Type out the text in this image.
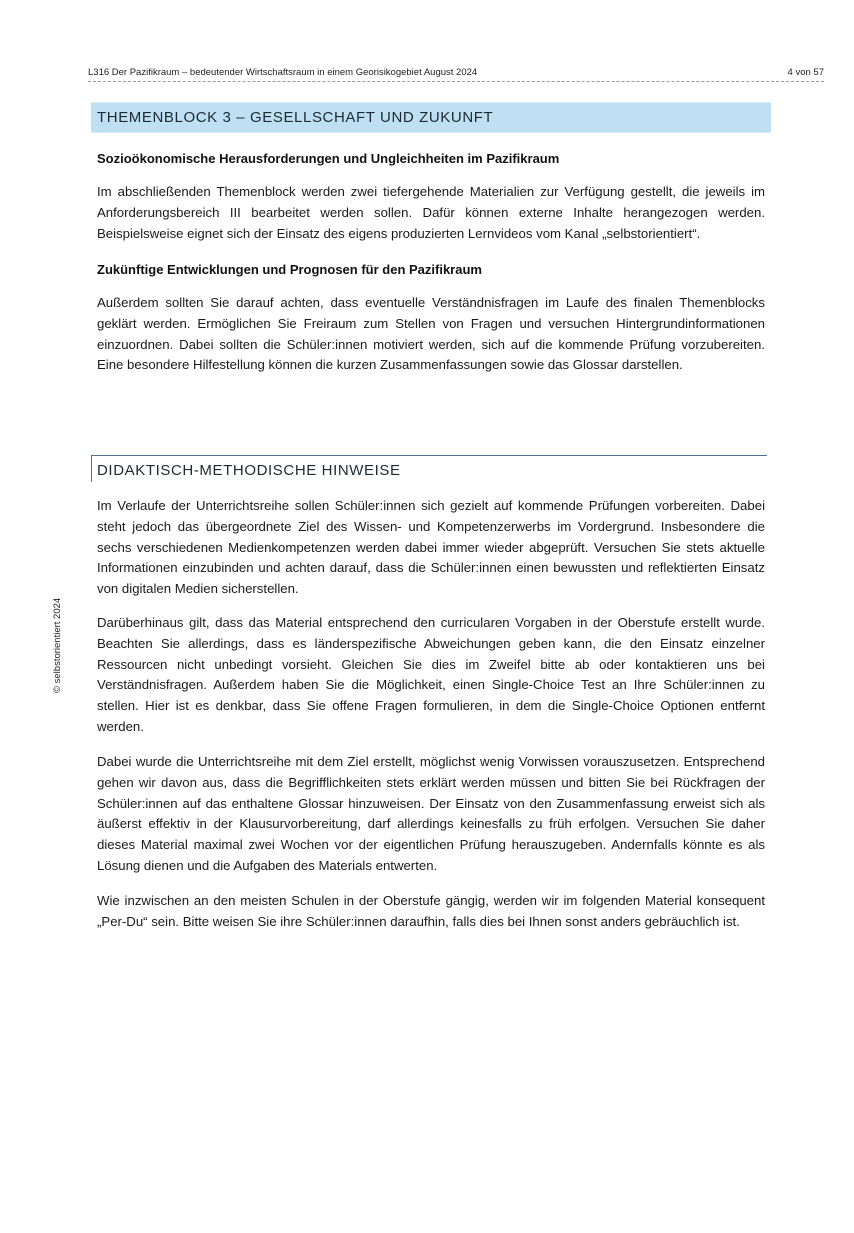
L316 Der Pazifikraum – bedeutender Wirtschaftsraum in einem Georisikogebiet August 2024	4 von 57
© selbstorientiert 2024
THEMENBLOCK 3 – GESELLSCHAFT UND ZUKUNFT
Sozioökonomische Herausforderungen und Ungleichheiten im Pazifikraum
Im abschließenden Themenblock werden zwei tiefergehende Materialien zur Verfügung gestellt, die jeweils im Anforderungsbereich III bearbeitet werden sollen. Dafür können externe Inhalte herangezogen werden. Beispielsweise eignet sich der Einsatz des eigens produzierten Lernvideos vom Kanal „selbstorientiert“.
Zukünftige Entwicklungen und Prognosen für den Pazifikraum
Außerdem sollten Sie darauf achten, dass eventuelle Verständnisfragen im Laufe des finalen Themenblocks geklärt werden. Ermöglichen Sie Freiraum zum Stellen von Fragen und versuchen Hintergrundinformationen einzuordnen. Dabei sollten die Schüler:innen motiviert werden, sich auf die kommende Prüfung vorzubereiten. Eine besondere Hilfestellung können die kurzen Zusammenfassungen sowie das Glossar darstellen.
DIDAKTISCH-METHODISCHE HINWEISE
Im Verlaufe der Unterrichtsreihe sollen Schüler:innen sich gezielt auf kommende Prüfungen vorbereiten. Dabei steht jedoch das übergeordnete Ziel des Wissen- und Kompetenzerwerbs im Vordergrund. Insbesondere die sechs verschiedenen Medienkompetenzen werden dabei immer wieder abgeprüft. Versuchen Sie stets aktuelle Informationen einzubinden und achten darauf, dass die Schüler:innen einen bewussten und reflektierten Einsatz von digitalen Medien sicherstellen.
Darüberhinaus gilt, dass das Material entsprechend den curricularen Vorgaben in der Oberstufe erstellt wurde. Beachten Sie allerdings, dass es länderspezifische Abweichungen geben kann, die den Einsatz einzelner Ressourcen nicht unbedingt vorsieht. Gleichen Sie dies im Zweifel bitte ab oder kontaktieren uns bei Verständnisfragen. Außerdem haben Sie die Möglichkeit, einen Single-Choice Test an Ihre Schüler:innen zu stellen. Hier ist es denkbar, dass Sie offene Fragen formulieren, in dem die Single-Choice Optionen entfernt werden.
Dabei wurde die Unterrichtsreihe mit dem Ziel erstellt, möglichst wenig Vorwissen vorauszusetzen. Entsprechend gehen wir davon aus, dass die Begrifflichkeiten stets erklärt werden müssen und bitten Sie bei Rückfragen der Schüler:innen auf das enthaltene Glossar hinzuweisen. Der Einsatz von den Zusammenfassung erweist sich als äußerst effektiv in der Klausurvorbereitung, darf allerdings keinesfalls zu früh erfolgen. Versuchen Sie daher dieses Material maximal zwei Wochen vor der eigentlichen Prüfung herauszugeben. Andernfalls könnte es als Lösung dienen und die Aufgaben des Materials entwerten.
Wie inzwischen an den meisten Schulen in der Oberstufe gängig, werden wir im folgenden Material konsequent „Per-Du“ sein. Bitte weisen Sie ihre Schüler:innen daraufhin, falls dies bei Ihnen sonst anders gebräuchlich ist.
